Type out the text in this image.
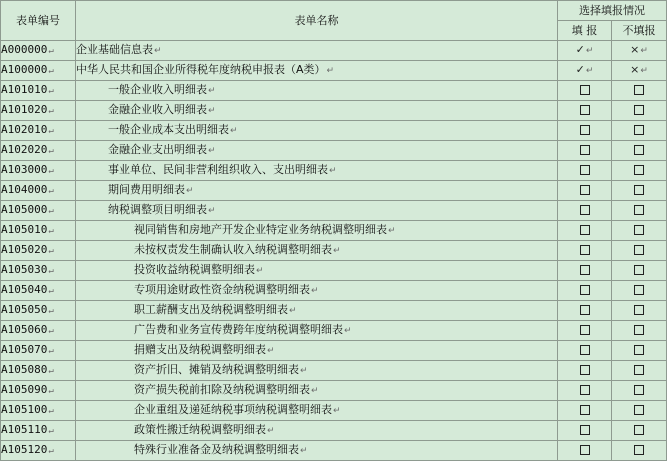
表单编号	表单名称	选择填报情况	
		填 报	不填报
A000000↵	企业基础信息表↵	✓↵	×↵
A100000↵	中华人民共和国企业所得税年度纳税申报表（A类）↵	✓↵	×↵
A101010↵	一般企业收入明细表↵		
A101020↵	金融企业收入明细表↵		
A102010↵	一般企业成本支出明细表↵		
A102020↵	金融企业支出明细表↵		
A103000↵	事业单位、民间非营利组织收入、支出明细表↵		
A104000↵	期间费用明细表↵		
A105000↵	纳税调整项目明细表↵		
A105010↵	视同销售和房地产开发企业特定业务纳税调整明细表↵		
A105020↵	未按权责发生制确认收入纳税调整明细表↵		
A105030↵	投资收益纳税调整明细表↵		
A105040↵	专项用途财政性资金纳税调整明细表↵		
A105050↵	职工薪酬支出及纳税调整明细表↵		
A105060↵	广告费和业务宣传费跨年度纳税调整明细表↵		
A105070↵	捐赠支出及纳税调整明细表↵		
A105080↵	资产折旧、摊销及纳税调整明细表↵		
A105090↵	资产损失税前扣除及纳税调整明细表↵		
A105100↵	企业重组及递延纳税事项纳税调整明细表↵		
A105110↵	政策性搬迁纳税调整明细表↵		
A105120↵	特殊行业准备金及纳税调整明细表↵		
